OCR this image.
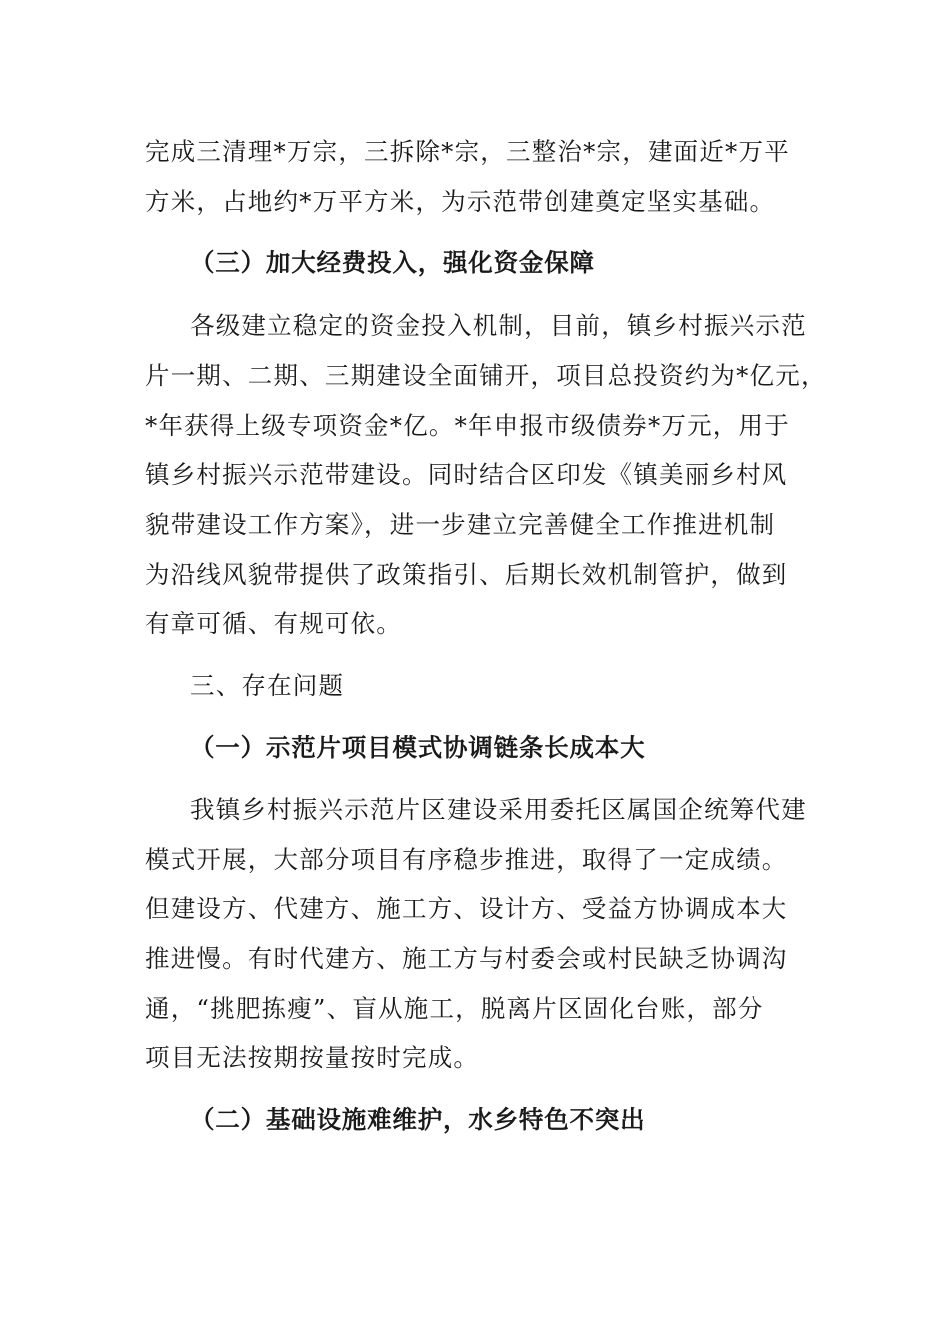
完成三清理*万宗，三拆除*宗，三整治*宗，建面近*万平
方米，占地约*万平方米，为示范带创建奠定坚实基础。
（三）加大经费投入，强化资金保障
各级建立稳定的资金投入机制，目前，镇乡村振兴示范
片一期、二期、三期建设全面铺开，项目总投资约为*亿元，
*年获得上级专项资金*亿。*年申报市级债券*万元，用于
镇乡村振兴示范带建设。同时结合区印发《镇美丽乡村风
貌带建设工作方案》，进一步建立完善健全工作推进机制
为沿线风貌带提供了政策指引、后期长效机制管护，做到
有章可循、有规可依。
三、存在问题
（一）示范片项目模式协调链条长成本大
我镇乡村振兴示范片区建设采用委托区属国企统筹代建
模式开展，大部分项目有序稳步推进，取得了一定成绩。
但建设方、代建方、施工方、设计方、受益方协调成本大
推进慢。有时代建方、施工方与村委会或村民缺乏协调沟
通，“挑肥拣瘦”、盲从施工，脱离片区固化台账，部分
项目无法按期按量按时完成。
（二）基础设施难维护，水乡特色不突出
